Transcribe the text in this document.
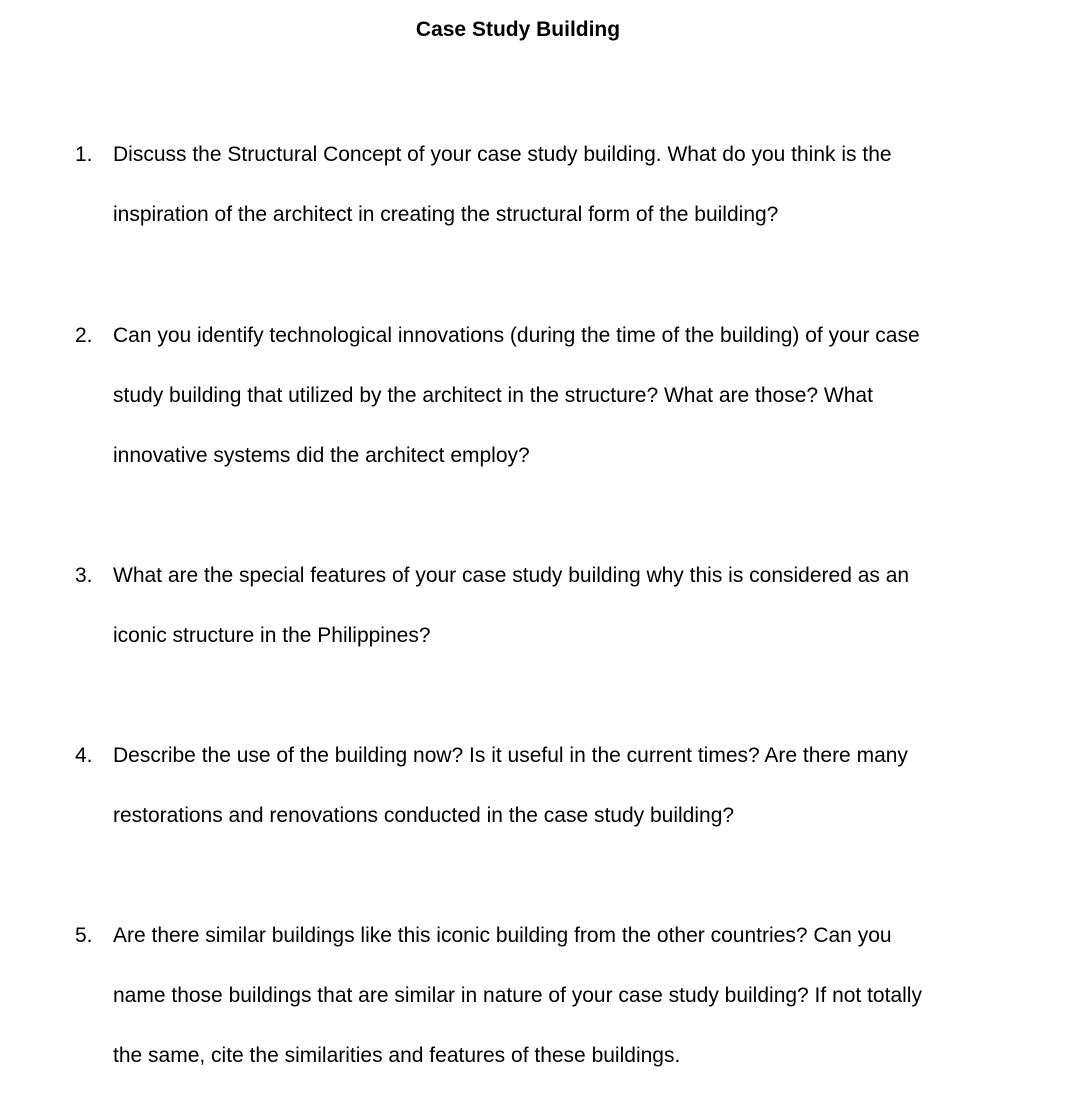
Case Study Building
1. Discuss the Structural Concept of your case study building. What do you think is the
inspiration of the architect in creating the structural form of the building?
2. Can you identify technological innovations (during the time of the building) of your case
study building that utilized by the architect in the structure? What are those? What
innovative systems did the architect employ?
3. What are the special features of your case study building why this is considered as an
iconic structure in the Philippines?
4. Describe the use of the building now? Is it useful in the current times? Are there many
restorations and renovations conducted in the case study building?
5. Are there similar buildings like this iconic building from the other countries? Can you
name those buildings that are similar in nature of your case study building? If not totally
the same, cite the similarities and features of these buildings.
